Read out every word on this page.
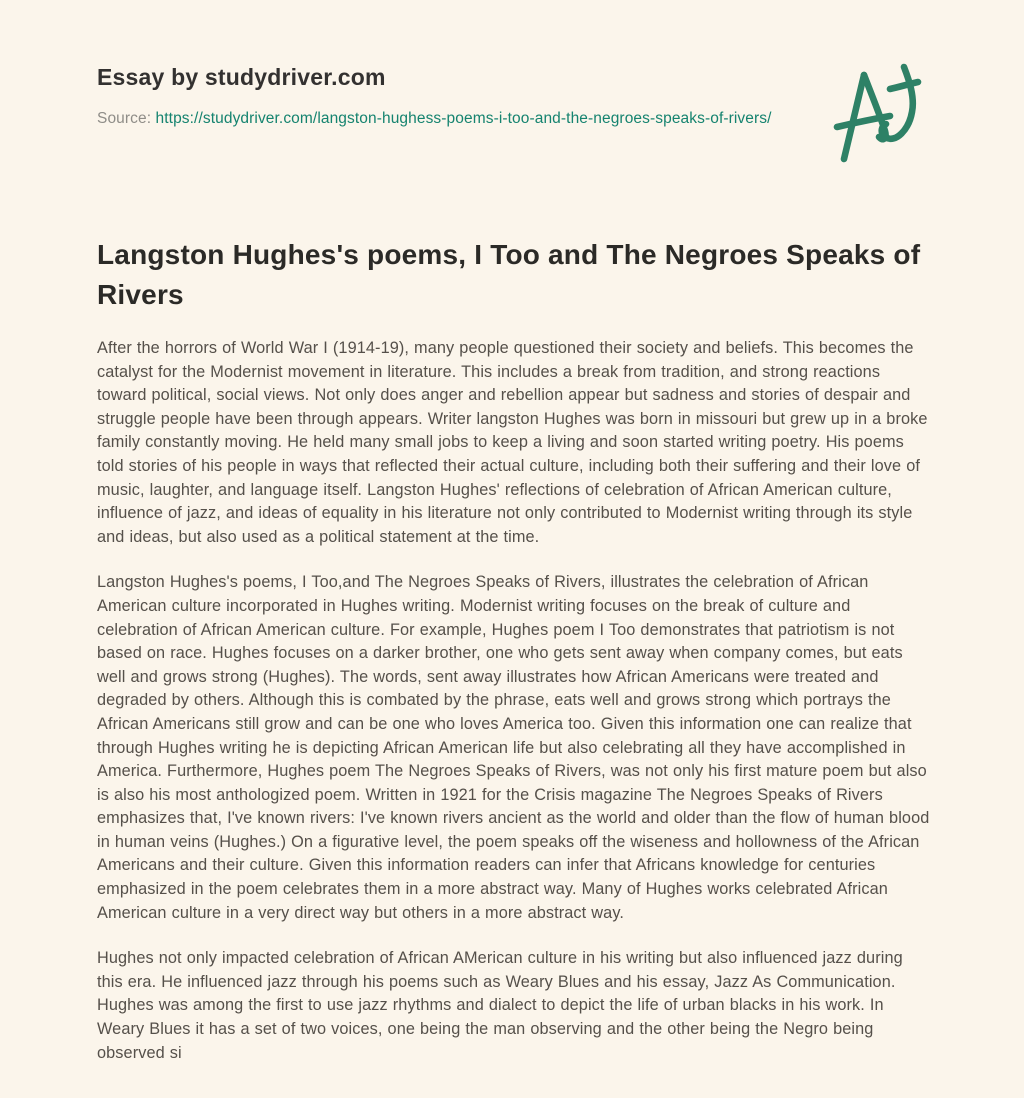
Essay by studydriver.com

Source: https://studydriver.com/langston-hughess-poems-i-too-and-the-negroes-speaks-of-rivers/

Langston Hughes's poems, I Too and The Negroes Speaks of Rivers

After the horrors of World War I (1914-19), many people questioned their society and beliefs. This becomes the catalyst for the Modernist movement in literature. This includes a break from tradition, and strong reactions toward political, social views. Not only does anger and rebellion appear but sadness and stories of despair and struggle people have been through appears. Writer langston Hughes was born in missouri but grew up in a broke family constantly moving. He held many small jobs to keep a living and soon started writing poetry. His poems told stories of his people in ways that reflected their actual culture, including both their suffering and their love of music, laughter, and language itself. Langston Hughes' reflections of celebration of African American culture, influence of jazz, and ideas of equality in his literature not only contributed to Modernist writing through its style and ideas, but also used as a political statement at the time.

Langston Hughes's poems, I Too,and The Negroes Speaks of Rivers, illustrates the celebration of African American culture incorporated in Hughes writing. Modernist writing focuses on the break of culture and celebration of African American culture. For example, Hughes poem I Too demonstrates that patriotism is not based on race. Hughes focuses on a darker brother, one who gets sent away when company comes, but eats well and grows strong (Hughes). The words, sent away illustrates how African Americans were treated and degraded by others. Although this is combated by the phrase, eats well and grows strong which portrays the African Americans still grow and can be one who loves America too. Given this information one can realize that through Hughes writing he is depicting African American life but also celebrating all they have accomplished in America. Furthermore, Hughes poem The Negroes Speaks of Rivers, was not only his first mature poem but also is also his most anthologized poem. Written in 1921 for the Crisis magazine The Negroes Speaks of Rivers emphasizes that, I've known rivers: I've known rivers ancient as the world and older than the flow of human blood in human veins (Hughes.) On a figurative level, the poem speaks off the wiseness and hollowness of the African Americans and their culture. Given this information readers can infer that Africans knowledge for centuries emphasized in the poem celebrates them in a more abstract way. Many of Hughes works celebrated African American culture in a very direct way but others in a more abstract way.

Hughes not only impacted celebration of African AMerican culture in his writing but also influenced jazz during this era. He influenced jazz through his poems such as Weary Blues and his essay, Jazz As Communication. Hughes was among the first to use jazz rhythms and dialect to depict the life of urban blacks in his work. In Weary Blues it has a set of two voices, one being the man observing and the other being the Negro being observed si
